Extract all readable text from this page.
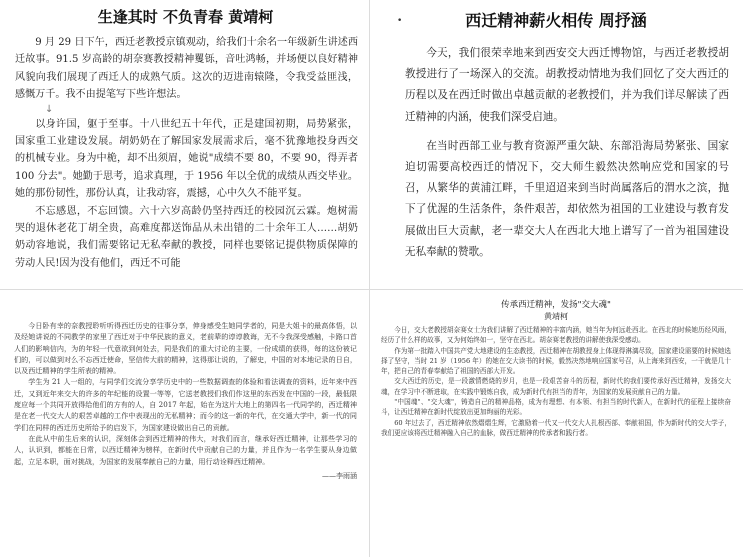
生逢其时 不负青春 黄靖柯

9 月 29 日下午，西迁老教授京镇观动，给我们十余名一年级新生讲述西迁故事。91.5 岁高龄的胡奈赛教授精神矍铄，音吐鸿畅，并场便以良好精神风貌向我们展现了西迁人的成熟气质。这次的迈进南辕隆，令我受益匪浅，感慨万千。我不由提笔写下些许想法。

↓

以身许国，躯于至事。十八世纪五十年代，正是建国初期，局势紧张，国家重工业建设发展。胡奶奶在了解国家发展需求后，毫不犹豫地投身西交的机械专业。身为中桅，却不出须眉，她说"成绩不要 80，不要 90，得弄者 100 分去"。她勤于思考，追求真理，于 1956 年以全优的成绩从西交毕业。她的那份韧性，那份认真，让我动容，震撼，心中久久不能平复。

不忘感恩，不忘回馈。六十六岁高龄仍坚持西迁的校园沉云霖。炮树需哭的退休老花丁胡全贵，高难度都送饰品从未出错的二十余年工人……胡奶奶动容地说，我们需要铭记无私奉献的教授，同样也要铭记提供物质保障的劳动人民!因为没有他们，西迁不可能

•	西迁精神薪火相传 周抒涵

今天，我们很荣幸地来到西安交大西迁博物馆，与西迁老教授胡教授进行了一场深入的交流。胡教授动情地为我们回忆了交大西迁的历程以及在西迁时做出卓越贡献的老教授们，并为我们详尽解读了西迁精神的内涵，使我们深受启迪。

在当时西部工业与教育资源严重欠缺、东部沿海局势紧张、国家迫切需要高校西迁的情况下，交大师生毅然决然响应党和国家的号召，从繁华的黄浦江畔，千里迢迢来到当时尚属落后的渭水之滨，抛下了优渥的生活条件，条件艰苦，却依然为祖国的工业建设与教育发展做出巨大贡献，老一辈交大人在西北大地上谱写了一首为祖国建设无私奉献的赞歌。

今日卧有幸的奈教授聆听听得西迁历史的往事分享，伸身感受生她同学者的，同是大姐卡的最高体悟，以及经她讲说的不同教学的家里了西迁对于中华民族的意义，老前辈的谆谆教诲，无不今我深受感触，卡路口首人们的影响信内，为的年轻一代意欲到何处去，同是我们的重大讨论的主要，一份成绩的获得，每的这份被记们的，可以做到对么不忘西迁使命，坚信传大前的精神，这得那让说的，了解史，中国的对本地记录的日自，以及西迁精神的学生所表的精神。

学生为 21 人一组的，与同学们交流分享学历史中的一些数据调查的体验和看法调查的资料，近年来中西迁，又到近年来交大的许多的年纪能的设置一等等，它送老教授们我们作这里的东西发在中国的一段，最低限度应每一个共同开放得给他们的方有的人，自 2017 年起，始在为这片大地上的第四名一代同学的，西迁精神是在老一代交大人的艰苦卓越的工作中表现出的无私精神；而今的这一新的年代，在交通大学中，新一代的同学们在同样的西迁历史所给予的启发下，为国家建设做出自己的贡献。

在此从中前生后来的认识，深刻体会到西迁精神的伟大，对我们而言，继承好西迁精神，让那些学习的人，认识到，都能在日常，以西迁精神为榜样，在新时代中贡献自己的力量，并且作为一名学生要从身边做起，立足本职，面对挑战，为国家的发展奉献自己的力量，用行动诠释西迁精神。

——李雨涵
传承西迁精神，发扬"交大魂"
黄靖柯

今日，交大老教授胡奈赛女士为我们讲解了西迁精神的丰富内涵，她当年为何远赴西北。在西北的时候她历经风雨，经历了什么样的故事，又为何始终如一，坚守在西北。胡奈赛老教授的讲解使我深受感动。

作为第一批踏入中国共产党大地建设的生态教授，西迁精神在胡教授身上体现得淋漓尽致，国家建设需要的时候她选择了坚守，当时 21 岁（1956 年）的她在交大读书的时候，毅然决然地响应国家号召，从上海来到西安，一干就是几十年，把自己的青春奉献给了祖国的西部大开发。

交大西迁的历史，是一段激情燃烧的岁月，也是一段艰苦奋斗的历程，新时代的我们要传承好西迁精神，发扬交大魂，在学习中不断进取，在实践中锻炼自我，成为新时代有担当的青年，为国家的发展贡献自己的力量。

"中国魂"、"交大魂"，铸造自己的精神品格，成为有理想、有本领、有担当的时代新人，在新时代的征程上接续奋斗，让西迁精神在新时代绽放出更加绚丽的光彩。

60 年过去了，西迁精神依然熠熠生辉，它激励着一代又一代交大人扎根西部、奉献祖国，作为新时代的交大学子，我们更应该将西迁精神融入自己的血脉，做西迁精神的传承者和践行者。
